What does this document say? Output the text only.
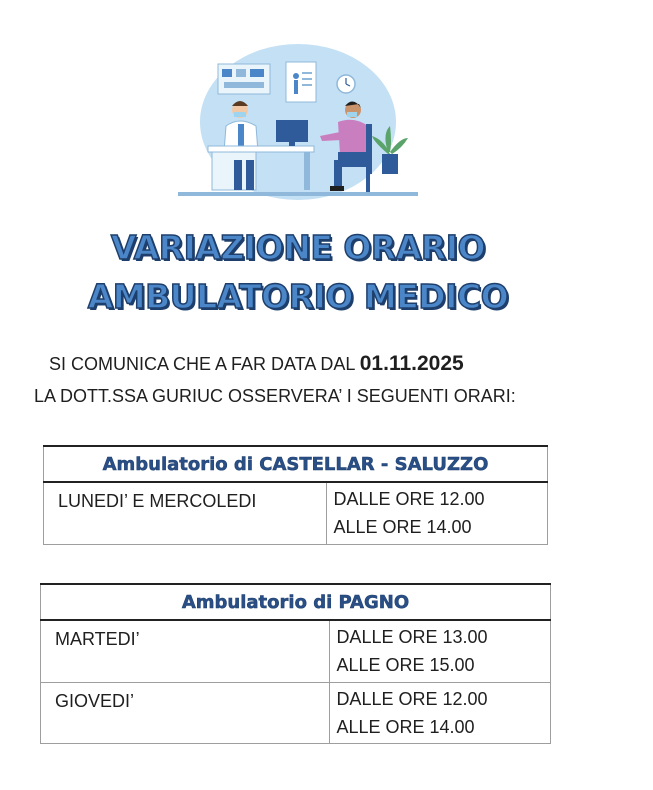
VARIAZIONE ORARIO
AMBULATORIO MEDICO
SI COMUNICA CHE A FAR DATA DAL 01.11.2025
LA DOTT.SSA GURIUC OSSERVERA’ I SEGUENTI ORARI:
Ambulatorio di CASTELLAR - SALUZZO

LUNEDI’ E MERCOLEDI	DALLE ORE 12.00
ALLE ORE 14.00
Ambulatorio di PAGNO	

MARTEDI’	DALLE ORE 13.00
ALLE ORE 15.00

GIOVEDI’	DALLE ORE 12.00
ALLE ORE 14.00
